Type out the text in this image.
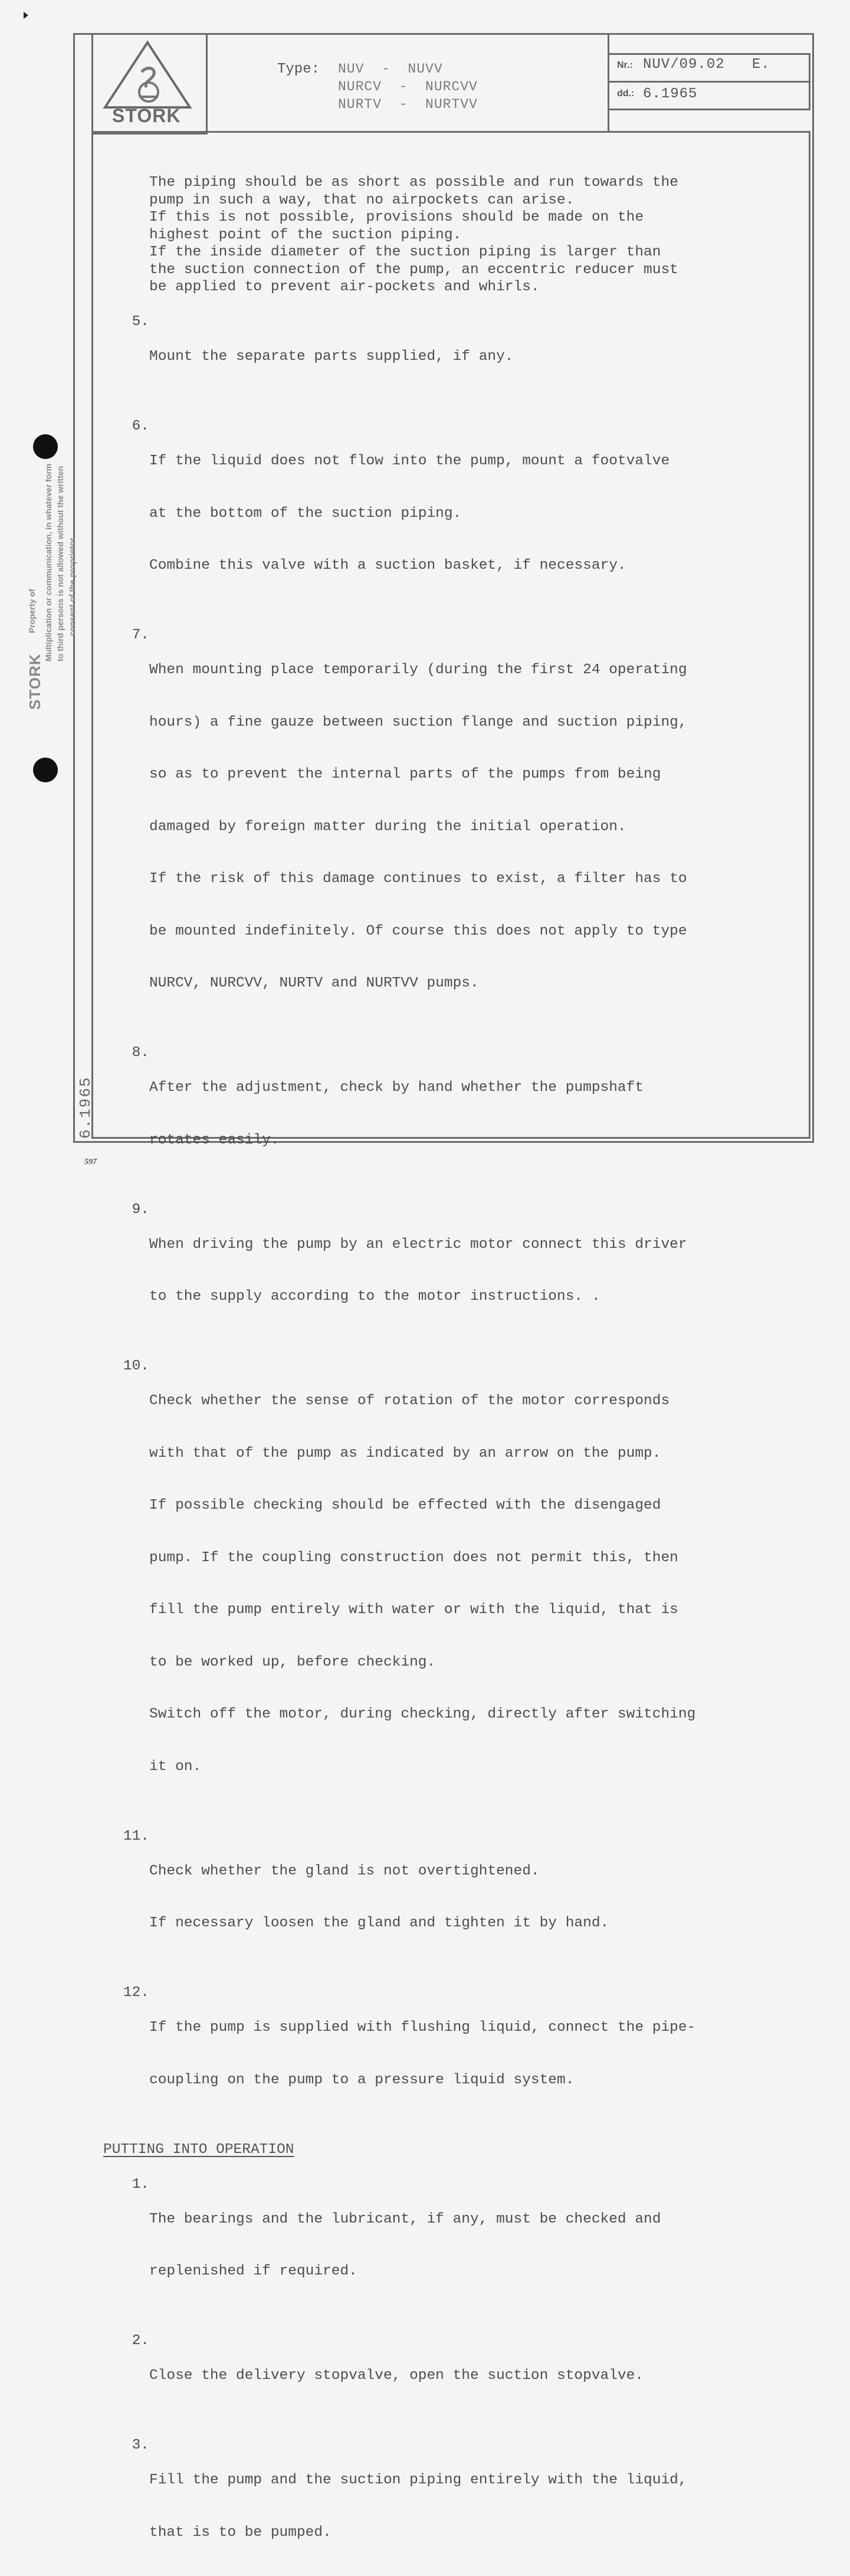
STORK
Type: NUV  -  NUVV
NURCV  -  NURCVV
NURTV  -  NURTVV
Nr.: NUV/09.02   E.
dd.: 6.1965

The piping should be as short as possible and run towards the

pump in such a way, that no airpockets can arise.

If this is not possible, provisions should be made on the

highest point of the suction piping.

If the inside diameter of the suction piping is larger than

the suction connection of the pump, an eccentric reducer must

be applied to prevent air-pockets and whirls.

5.

Mount the separate parts supplied, if any.

6.

If the liquid does not flow into the pump, mount a footvalve

at the bottom of the suction piping.

Combine this valve with a suction basket, if necessary.

7.

When mounting place temporarily (during the first 24 operating

hours) a fine gauze between suction flange and suction piping,

so as to prevent the internal parts of the pumps from being

damaged by foreign matter during the initial operation.

If the risk of this damage continues to exist, a filter has to

be mounted indefinitely. Of course this does not apply to type

NURCV, NURCVV, NURTV and NURTVV pumps.

8.

After the adjustment, check by hand whether the pumpshaft

rotates easily.

9.

When driving the pump by an electric motor connect this driver

to the supply according to the motor instructions. .

10.

Check whether the sense of rotation of the motor corresponds

with that of the pump as indicated by an arrow on the pump.

If possible checking should be effected with the disengaged

pump. If the coupling construction does not permit this, then

fill the pump entirely with water or with the liquid, that is

to be worked up, before checking.

Switch off the motor, during checking, directly after switching

it on.

11.

Check whether the gland is not overtightened.

If necessary loosen the gland and tighten it by hand.

12.

If the pump is supplied with flushing liquid, connect the pipe-

coupling on the pump to a pressure liquid system.

PUTTING INTO OPERATION

1.

The bearings and the lubricant, if any, must be checked and

replenished if required.

2.

Close the delivery stopvalve, open the suction stopvalve.

3.

Fill the pump and the suction piping entirely with the liquid,

that is to be pumped.

Property of
STORK
Multiplication or communication, in whatever form to third persons is not allowed without the written consent of the proprietor
6.1965
597
